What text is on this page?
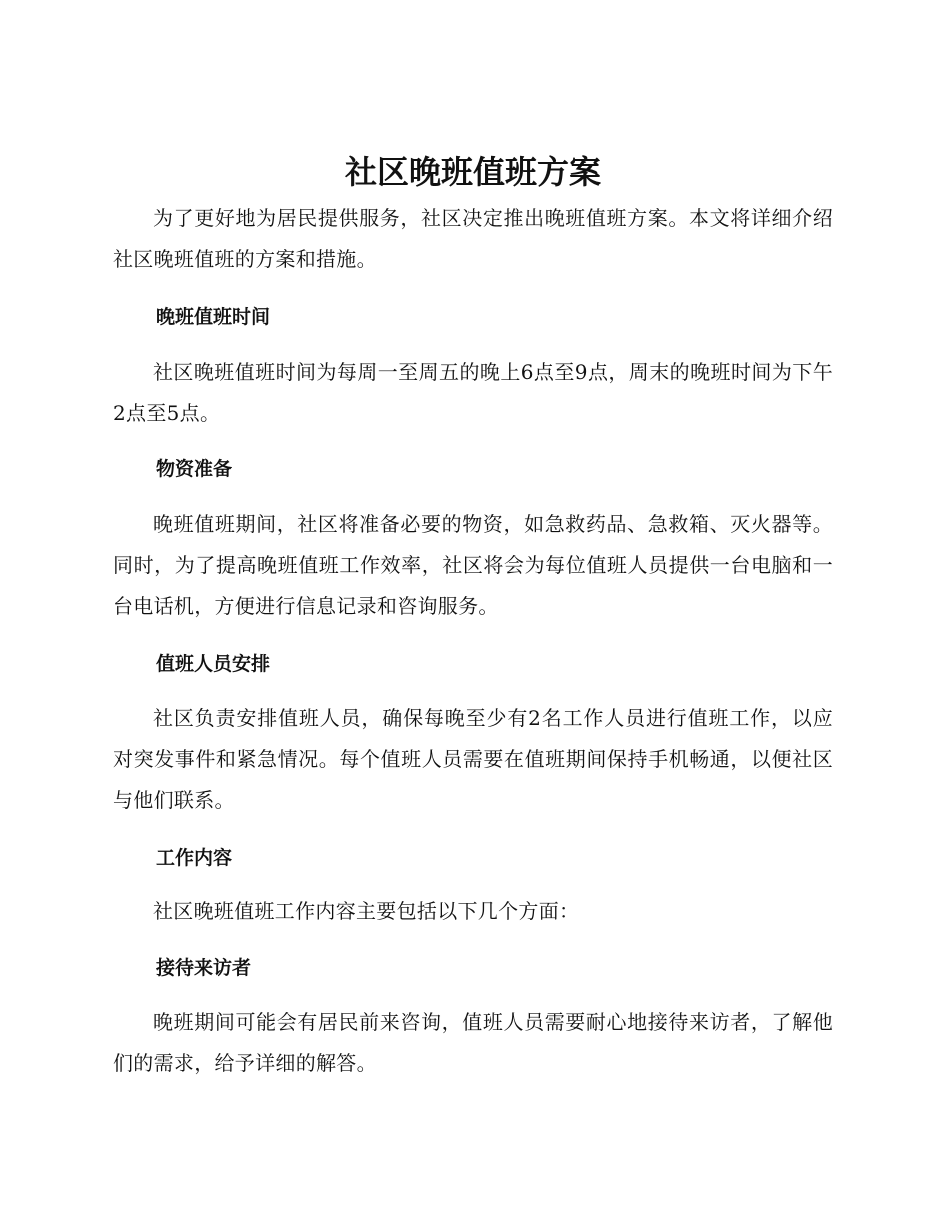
社区晚班值班方案

为了更好地为居民提供服务，社区决定推出晚班值班方案。本文将详细介绍社区晚班值班的方案和措施。

晚班值班时间

社区晚班值班时间为每周一至周五的晚上6点至9点，周末的晚班时间为下午2点至5点。

物资准备

晚班值班期间，社区将准备必要的物资，如急救药品、急救箱、灭火器等。同时，为了提高晚班值班工作效率，社区将会为每位值班人员提供一台电脑和一台电话机，方便进行信息记录和咨询服务。

值班人员安排

社区负责安排值班人员，确保每晚至少有2名工作人员进行值班工作，以应对突发事件和紧急情况。每个值班人员需要在值班期间保持手机畅通，以便社区与他们联系。

工作内容

社区晚班值班工作内容主要包括以下几个方面：

接待来访者

晚班期间可能会有居民前来咨询，值班人员需要耐心地接待来访者，了解他们的需求，给予详细的解答。
